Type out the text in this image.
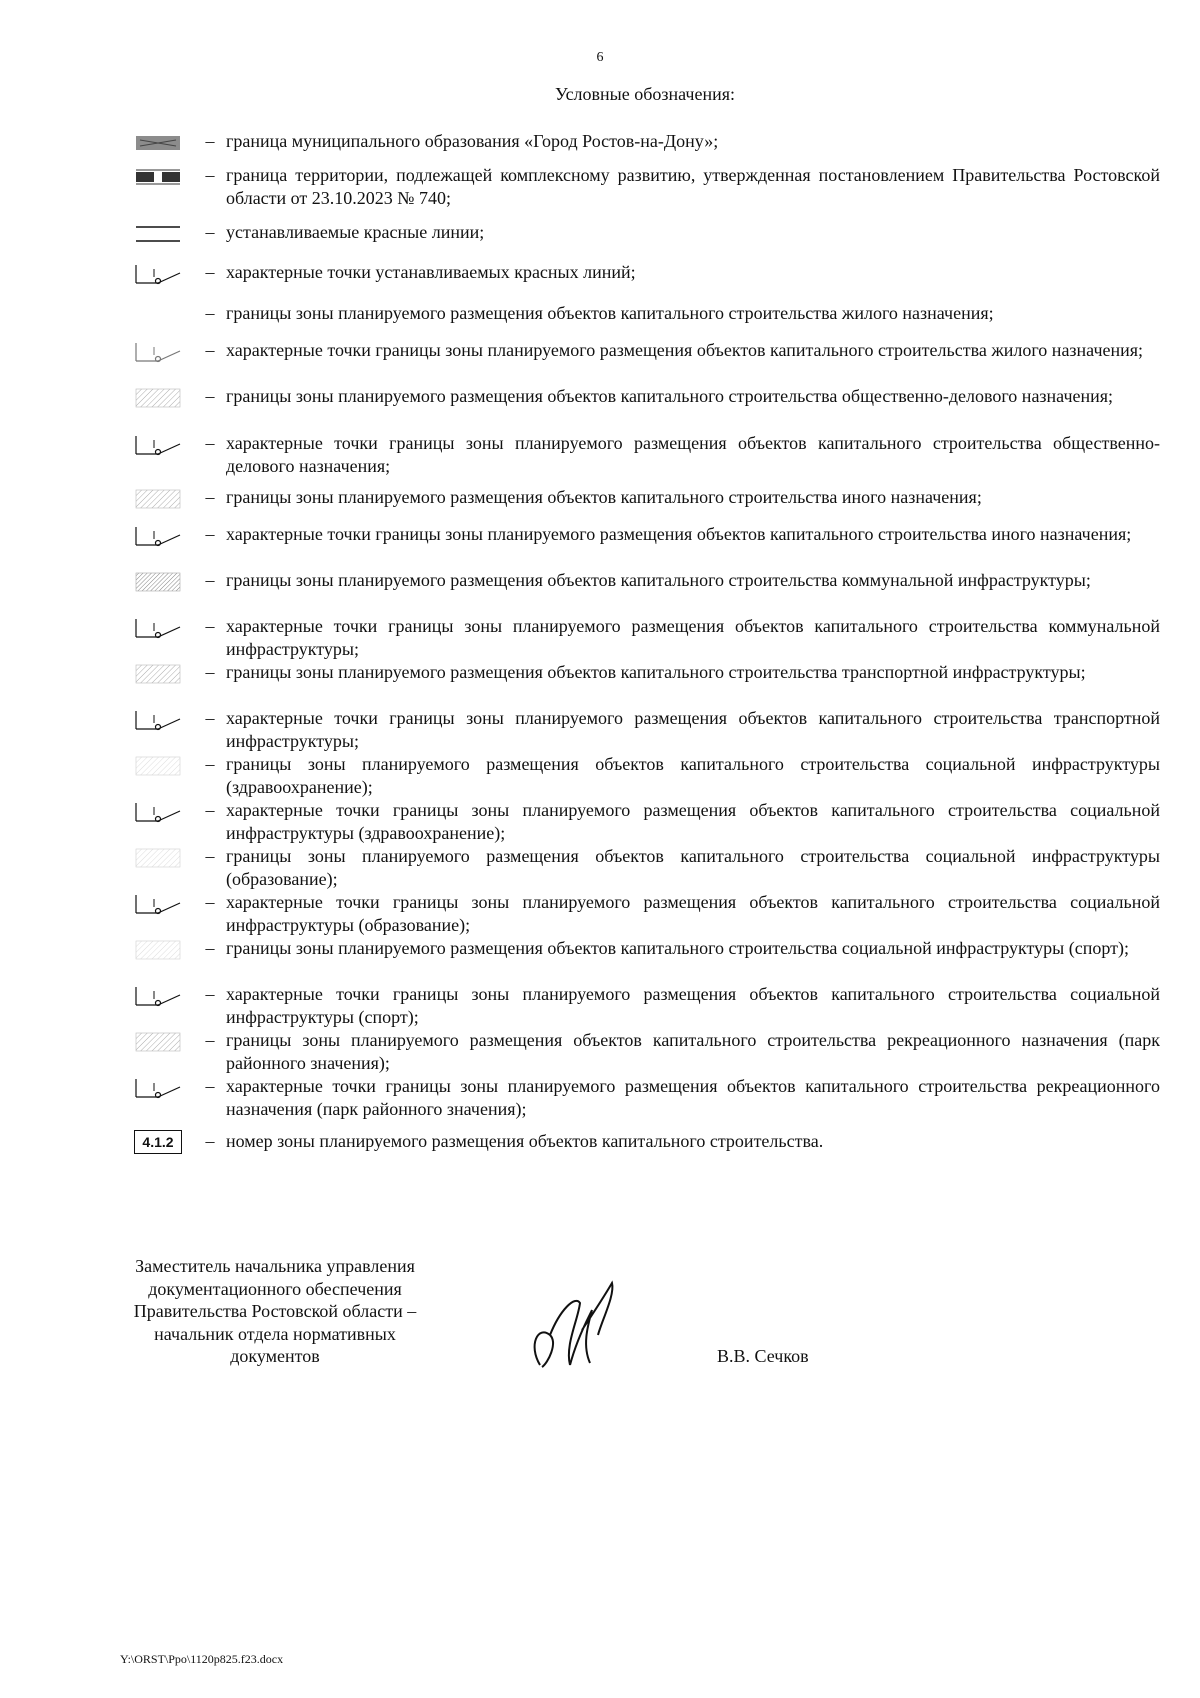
6
Условные обозначения:
– граница муниципального образования «Город Ростов-на-Дону»;
– граница территории, подлежащей комплексному развитию, утвержденная постановлением Правительства Ростовской области от 23.10.2023 № 740;
– устанавливаемые красные линии;
– характерные точки устанавливаемых красных линий;
– границы зоны планируемого размещения объектов капитального строительства жилого назначения;
– характерные точки границы зоны планируемого размещения объектов капитального строительства жилого назначения;
– границы зоны планируемого размещения объектов капитального строительства общественно-делового назначения;
– характерные точки границы зоны планируемого размещения объектов капитального строительства общественно-делового назначения;
– границы зоны планируемого размещения объектов капитального строительства иного назначения;
– характерные точки границы зоны планируемого размещения объектов капитального строительства иного назначения;
– границы зоны планируемого размещения объектов капитального строительства коммунальной инфраструктуры;
– характерные точки границы зоны планируемого размещения объектов капитального строительства коммунальной инфраструктуры;
– границы зоны планируемого размещения объектов капитального строительства транспортной инфраструктуры;
– характерные точки границы зоны планируемого размещения объектов капитального строительства транспортной инфраструктуры;
– границы зоны планируемого размещения объектов капитального строительства социальной инфраструктуры (здравоохранение);
– характерные точки границы зоны планируемого размещения объектов капитального строительства социальной инфраструктуры (здравоохранение);
– границы зоны планируемого размещения объектов капитального строительства социальной инфраструктуры (образование);
– характерные точки границы зоны планируемого размещения объектов капитального строительства социальной инфраструктуры (образование);
– границы зоны планируемого размещения объектов капитального строительства социальной инфраструктуры (спорт);
– характерные точки границы зоны планируемого размещения объектов капитального строительства социальной инфраструктуры (спорт);
– границы зоны планируемого размещения объектов капитального строительства рекреационного назначения (парк районного значения);
– характерные точки границы зоны планируемого размещения объектов капитального строительства рекреационного назначения (парк районного значения);
4.1.2	– номер зоны планируемого размещения объектов капитального строительства.
Заместитель начальника управления документационного обеспечения Правительства Ростовской области – начальник отдела нормативных документов	В.В. Сечков
Y:\ORST\Ppo\1120p825.f23.docx
